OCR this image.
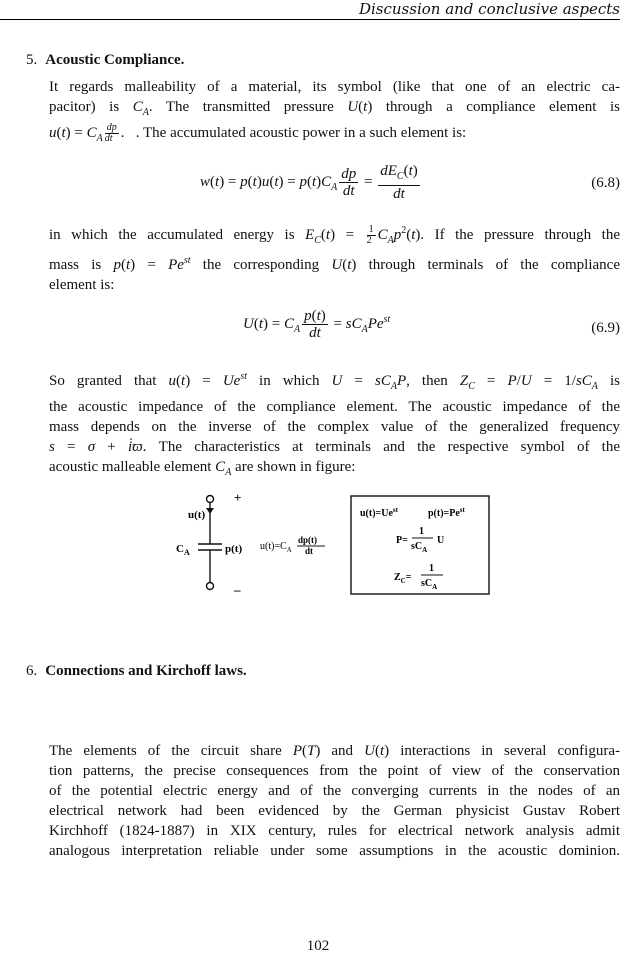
Discussion and conclusive aspects
5. Acoustic Compliance.
It regards malleability of a material, its symbol (like that one of an electric ca-
pacitor) is $C_A$. The transmitted pressure U(t) through a compliance element is
$u(t) = C_A \frac{dp}{dt}$ .   . The accumulated acoustic power in a such element is:
$w(t) = p(t)u(t) = p(t)C_A \frac{dp}{dt} = \frac{dE_C(t)}{dt}$	(6.8)
in which the accumulated energy is $E_C(t) = \frac{1}{2} C_Ap^2(t)$. If the pressure through the
mass is $p(t) = Pe^{st}$ the corresponding U(t) through terminals of the compliance
element is:
$U(t) = C_A \frac{p(t)}{dt} = sC_APe^{st}$
(6.9)
So granted that $u(t) = Ue^{st}$ in which $U = sC_AP$, then $Z_C = P/U = 1/sC_A$ is
the acoustic impedance of the compliance element. The acoustic impedance of the
mass depends on the inverse of the complex value of the generalized frequency
s = σ + i̇ϖ. The characteristics at terminals and the respective symbol of the
acoustic malleable element $C_A$ are shown in figure:
u(t)
+
$C_A$	p(t)
–
$u(t)=C_A$
dp(t)
dt
$u(t)=Ue^{st}$	$p(t)=Pe^{st}$
P=
1
$sC_A$
U
$Z_C=$
1
$sC_A$
6. Connections and Kirchoff laws.
The elements of the circuit share P(T) and U(t) interactions in several configura-
tion patterns, the precise consequences from the point of view of the conservation
of the potential electric energy and of the converging currents in the nodes of an
electrical network had been evidenced by the German physicist Gustav Robert
Kirchhoff (1824-1887) in XIX century, rules for electrical network analysis admit
analogous interpretation reliable under some assumptions in the acoustic dominion.
102
